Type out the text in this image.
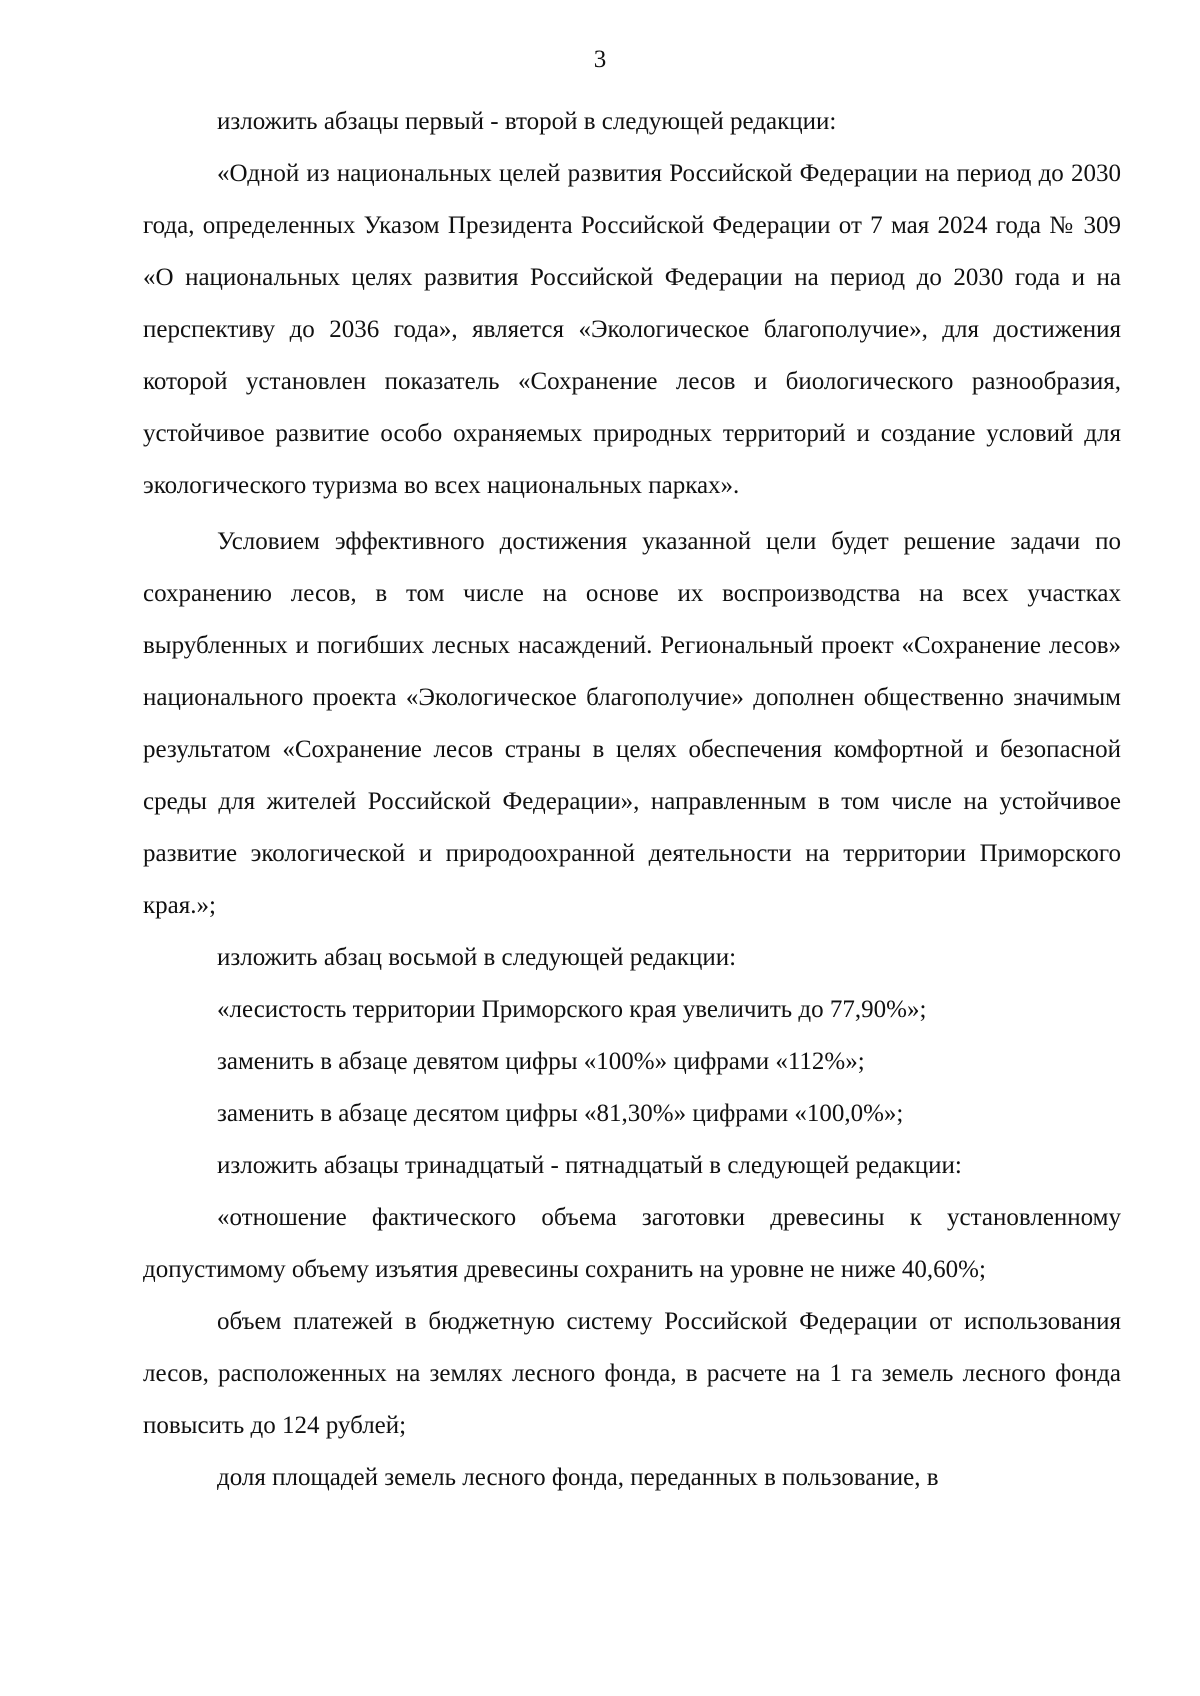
3

изложить абзацы первый - второй в следующей редакции:

«Одной из национальных целей развития Российской Федерации на период до 2030 года, определенных Указом Президента Российской Федерации от 7 мая 2024 года № 309 «О национальных целях развития Российской Федерации на период до 2030 года и на перспективу до 2036 года», является «Экологическое благополучие», для достижения которой установлен показатель «Сохранение лесов и биологического разнообразия, устойчивое развитие особо охраняемых природных территорий и создание условий для экологического туризма во всех национальных парках».

Условием эффективного достижения указанной цели будет решение задачи по сохранению лесов, в том числе на основе их воспроизводства на всех участках вырубленных и погибших лесных насаждений. Региональный проект «Сохранение лесов» национального проекта «Экологическое благополучие» дополнен общественно значимым результатом «Сохранение лесов страны в целях обеспечения комфортной и безопасной среды для жителей Российской Федерации», направленным в том числе на устойчивое развитие экологической и природоохранной деятельности на территории Приморского края.»;

изложить абзац восьмой в следующей редакции:

«лесистость территории Приморского края увеличить до 77,90%»;

заменить в абзаце девятом цифры «100%» цифрами «112%»;

заменить в абзаце десятом цифры «81,30%» цифрами «100,0%»;

изложить абзацы тринадцатый - пятнадцатый в следующей редакции:

«отношение фактического объема заготовки древесины к установленному допустимому объему изъятия древесины сохранить на уровне не ниже 40,60%;

объем платежей в бюджетную систему Российской Федерации от использования лесов, расположенных на землях лесного фонда, в расчете на 1 га земель лесного фонда повысить до 124 рублей;

доля площадей земель лесного фонда, переданных в пользование, в
